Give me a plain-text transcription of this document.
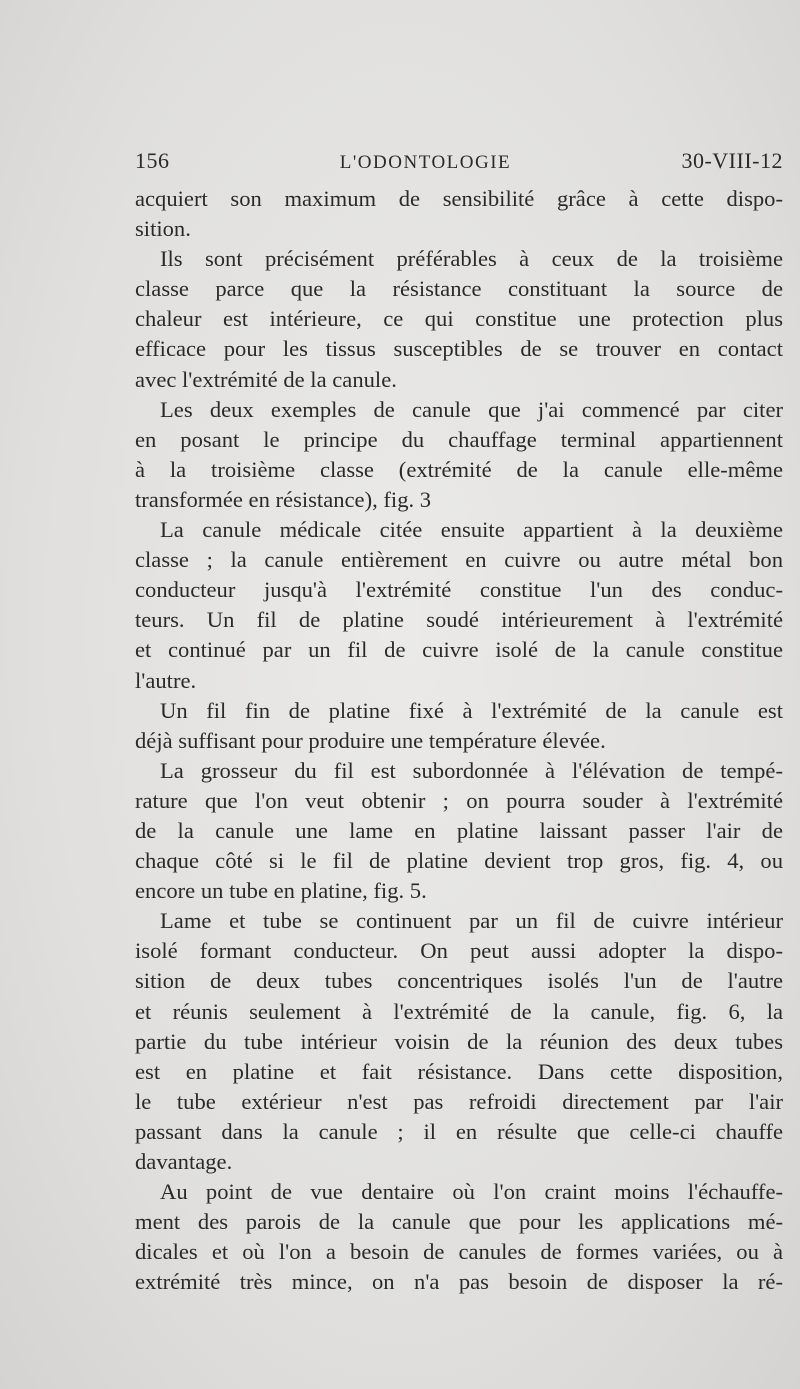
156	L'ODONTOLOGIE	30-VIII-12

acquiert son maximum de sensibilité grâce à cette dispo-

sition.

Ils sont précisément préférables à ceux de la troisième

classe parce que la résistance constituant la source de

chaleur est intérieure, ce qui constitue une protection plus

efficace pour les tissus susceptibles de se trouver en contact

avec l'extrémité de la canule.

Les deux exemples de canule que j'ai commencé par citer

en posant le principe du chauffage terminal appartiennent

à la troisième classe (extrémité de la canule elle-même

transformée en résistance), fig. 3

La canule médicale citée ensuite appartient à la deuxième

classe ; la canule entièrement en cuivre ou autre métal bon

conducteur jusqu'à l'extrémité constitue l'un des conduc-

teurs. Un fil de platine soudé intérieurement à l'extrémité

et continué par un fil de cuivre isolé de la canule constitue

l'autre.

Un fil fin de platine fixé à l'extrémité de la canule est

déjà suffisant pour produire une température élevée.

La grosseur du fil est subordonnée à l'élévation de tempé-

rature que l'on veut obtenir ; on pourra souder à l'extrémité

de la canule une lame en platine laissant passer l'air de

chaque côté si le fil de platine devient trop gros, fig. 4, ou

encore un tube en platine, fig. 5.

Lame et tube se continuent par un fil de cuivre intérieur

isolé formant conducteur. On peut aussi adopter la dispo-

sition de deux tubes concentriques isolés l'un de l'autre

et réunis seulement à l'extrémité de la canule, fig. 6, la

partie du tube intérieur voisin de la réunion des deux tubes

est en platine et fait résistance. Dans cette disposition,

le tube extérieur n'est pas refroidi directement par l'air

passant dans la canule ; il en résulte que celle-ci chauffe

davantage.

Au point de vue dentaire où l'on craint moins l'échauffe-

ment des parois de la canule que pour les applications mé-

dicales et où l'on a besoin de canules de formes variées, ou à

extrémité très mince, on n'a pas besoin de disposer la ré-
